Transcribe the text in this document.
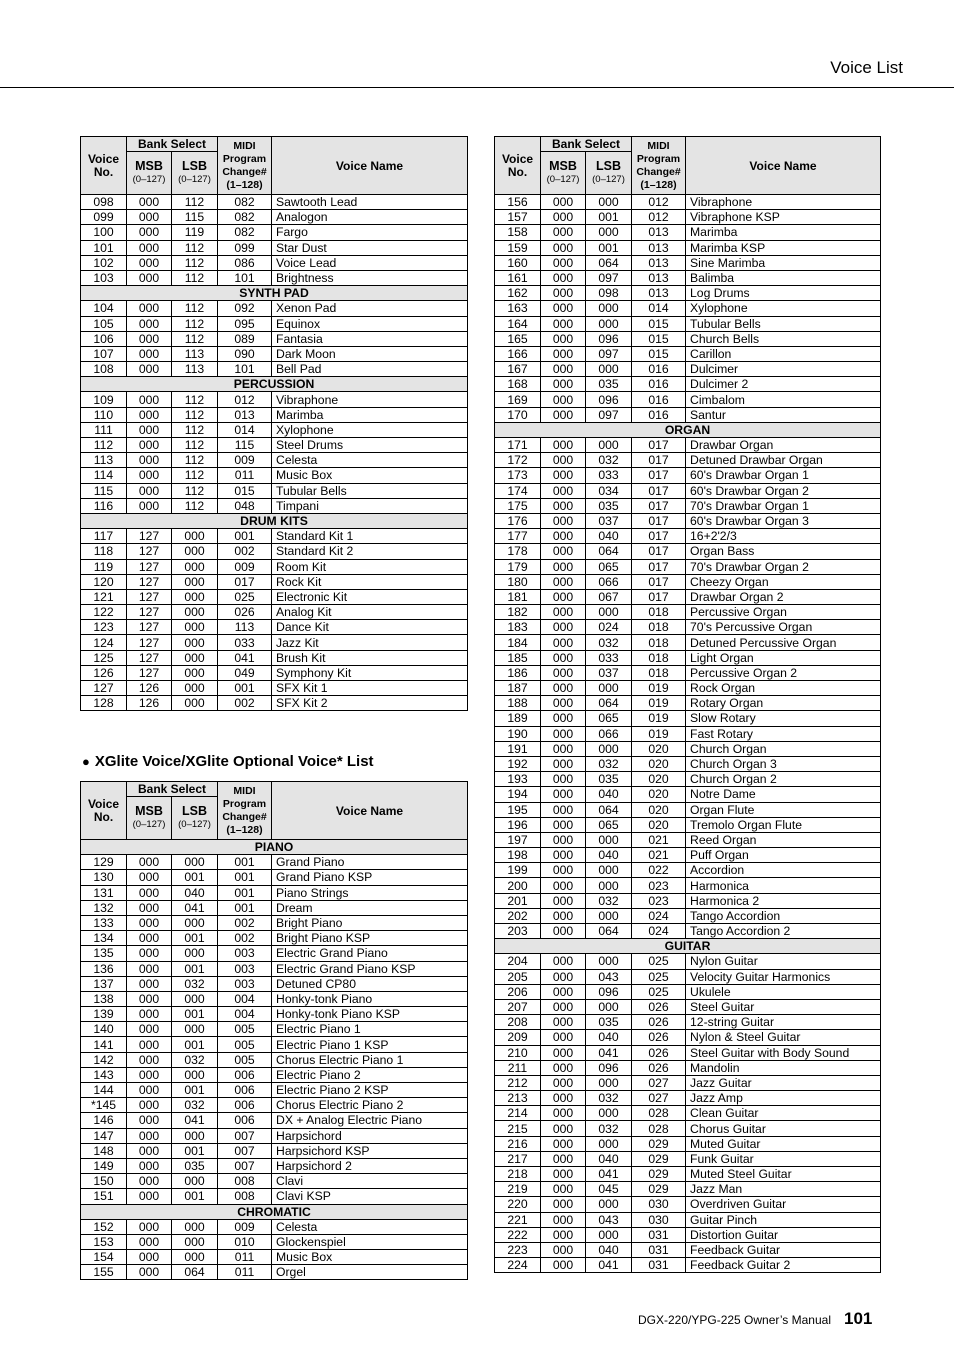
Voice List
Voice
No.	Bank Select		MIDI
Program
Change#
(1–128)	Voice Name

	MSB
(0–127)	LSB
(0–127)		

098	000	112	082	Sawtooth Lead
099	000	115	082	Analogon
100	000	119	082	Fargo
101	000	112	099	Star Dust
102	000	112	086	Voice Lead
103	000	112	101	Brightness
SYNTH PAD				
104	000	112	092	Xenon Pad
105	000	112	095	Equinox
106	000	112	089	Fantasia
107	000	113	090	Dark Moon
108	000	113	101	Bell Pad
PERCUSSION				
109	000	112	012	Vibraphone
110	000	112	013	Marimba
111	000	112	014	Xylophone
112	000	112	115	Steel Drums
113	000	112	009	Celesta
114	000	112	011	Music Box
115	000	112	015	Tubular Bells
116	000	112	048	Timpani
DRUM KITS				
117	127	000	001	Standard Kit 1
118	127	000	002	Standard Kit 2
119	127	000	009	Room Kit
120	127	000	017	Rock Kit
121	127	000	025	Electronic Kit
122	127	000	026	Analog Kit
123	127	000	113	Dance Kit
124	127	000	033	Jazz Kit
125	127	000	041	Brush Kit
126	127	000	049	Symphony Kit
127	126	000	001	SFX Kit 1
128	126	000	002	SFX Kit 2
● XGlite Voice/XGlite Optional Voice* List
Voice
No.	Bank Select		MIDI
Program
Change#
(1–128)	Voice Name

	MSB
(0–127)	LSB
(0–127)		

PIANO				
129	000	000	001	Grand Piano
130	000	001	001	Grand Piano KSP
131	000	040	001	Piano Strings
132	000	041	001	Dream
133	000	000	002	Bright Piano
134	000	001	002	Bright Piano KSP
135	000	000	003	Electric Grand Piano
136	000	001	003	Electric Grand Piano KSP
137	000	032	003	Detuned CP80
138	000	000	004	Honky-tonk Piano
139	000	001	004	Honky-tonk Piano KSP
140	000	000	005	Electric Piano 1
141	000	001	005	Electric Piano 1 KSP
142	000	032	005	Chorus Electric Piano 1
143	000	000	006	Electric Piano 2
144	000	001	006	Electric Piano 2 KSP
*145	000	032	006	Chorus Electric Piano 2
146	000	041	006	DX + Analog Electric Piano
147	000	000	007	Harpsichord
148	000	001	007	Harpsichord KSP
149	000	035	007	Harpsichord 2
150	000	000	008	Clavi
151	000	001	008	Clavi KSP
CHROMATIC				
152	000	000	009	Celesta
153	000	000	010	Glockenspiel
154	000	000	011	Music Box
155	000	064	011	Orgel
Voice
No.	Bank Select		MIDI
Program
Change#
(1–128)	Voice Name

	MSB
(0–127)	LSB
(0–127)		

156	000	000	012	Vibraphone
157	000	001	012	Vibraphone KSP
158	000	000	013	Marimba
159	000	001	013	Marimba KSP
160	000	064	013	Sine Marimba
161	000	097	013	Balimba
162	000	098	013	Log Drums
163	000	000	014	Xylophone
164	000	000	015	Tubular Bells
165	000	096	015	Church Bells
166	000	097	015	Carillon
167	000	000	016	Dulcimer
168	000	035	016	Dulcimer 2
169	000	096	016	Cimbalom
170	000	097	016	Santur
ORGAN				
171	000	000	017	Drawbar Organ
172	000	032	017	Detuned Drawbar Organ
173	000	033	017	60's Drawbar Organ 1
174	000	034	017	60's Drawbar Organ 2
175	000	035	017	70's Drawbar Organ 1
176	000	037	017	60's Drawbar Organ 3
177	000	040	017	16+2'2/3
178	000	064	017	Organ Bass
179	000	065	017	70's Drawbar Organ 2
180	000	066	017	Cheezy Organ
181	000	067	017	Drawbar Organ 2
182	000	000	018	Percussive Organ
183	000	024	018	70's Percussive Organ
184	000	032	018	Detuned Percussive Organ
185	000	033	018	Light Organ
186	000	037	018	Percussive Organ 2
187	000	000	019	Rock Organ
188	000	064	019	Rotary Organ
189	000	065	019	Slow Rotary
190	000	066	019	Fast Rotary
191	000	000	020	Church Organ
192	000	032	020	Church Organ 3
193	000	035	020	Church Organ 2
194	000	040	020	Notre Dame
195	000	064	020	Organ Flute
196	000	065	020	Tremolo Organ Flute
197	000	000	021	Reed Organ
198	000	040	021	Puff Organ
199	000	000	022	Accordion
200	000	000	023	Harmonica
201	000	032	023	Harmonica 2
202	000	000	024	Tango Accordion
203	000	064	024	Tango Accordion 2
GUITAR				
204	000	000	025	Nylon Guitar
205	000	043	025	Velocity Guitar Harmonics
206	000	096	025	Ukulele
207	000	000	026	Steel Guitar
208	000	035	026	12-string Guitar
209	000	040	026	Nylon & Steel Guitar
210	000	041	026	Steel Guitar with Body Sound
211	000	096	026	Mandolin
212	000	000	027	Jazz Guitar
213	000	032	027	Jazz Amp
214	000	000	028	Clean Guitar
215	000	032	028	Chorus Guitar
216	000	000	029	Muted Guitar
217	000	040	029	Funk Guitar
218	000	041	029	Muted Steel Guitar
219	000	045	029	Jazz Man
220	000	000	030	Overdriven Guitar
221	000	043	030	Guitar Pinch
222	000	000	031	Distortion Guitar
223	000	040	031	Feedback Guitar
224	000	041	031	Feedback Guitar 2
DGX-220/YPG-225 Owner’s Manual 101
